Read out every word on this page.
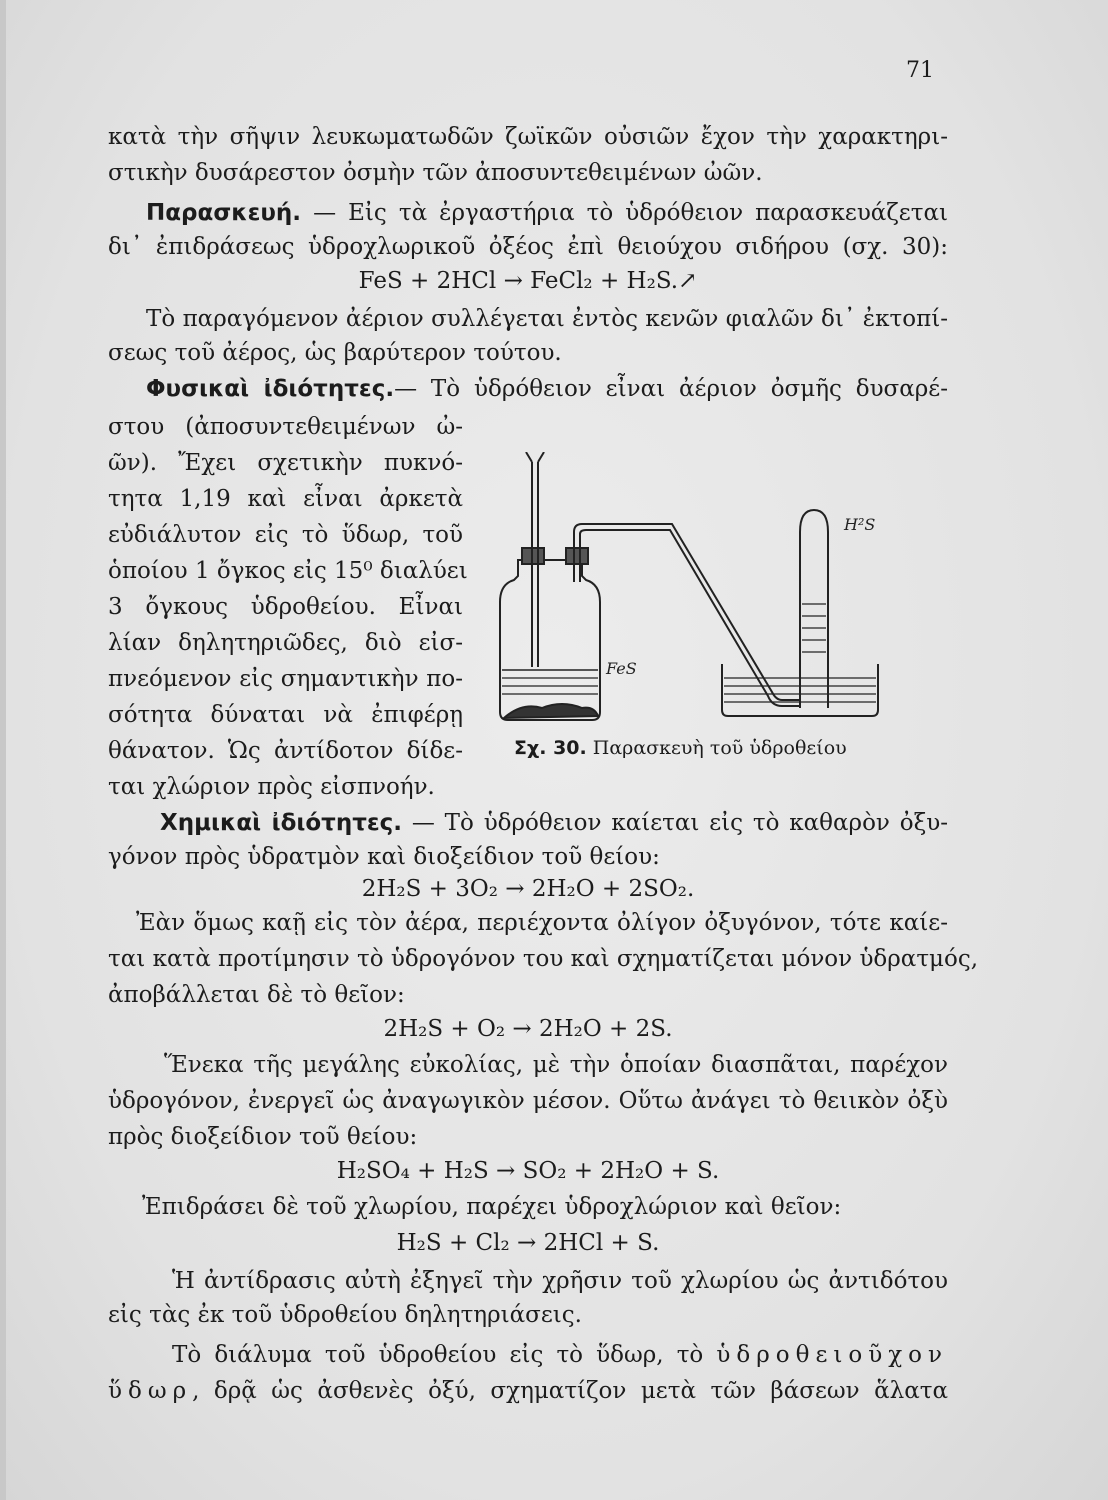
71
κατὰ τὴν σῆψιν λευκωματωδῶν ζωϊκῶν οὐσιῶν ἔχον τὴν χαρακτηρι-
στικὴν δυσάρεστον ὀσμὴν τῶν ἀποσυντεθειμένων ὠῶν.
Παρασκευή. — Εἰς τὰ ἐργαστήρια τὸ ὑδρόθειον παρασκευάζεται
δι᾽ ἐπιδράσεως ὑδροχλωρικοῦ ὀξέος ἐπὶ θειούχου σιδήρου (σχ. 30):
FeS + 2HCl → FeCl₂ + H₂S.↗
Τὸ παραγόμενον ἀέριον συλλέγεται ἐντὸς κενῶν φιαλῶν δι᾽ ἐκτοπί-
σεως τοῦ ἀέρος, ὡς βαρύτερον τούτου.
Φυσικαὶ ἰδιότητες.— Τὸ ὑδρόθειον εἶναι ἀέριον ὀσμῆς δυσαρέ-
στου (ἀποσυντεθειμένων ὠ-
ῶν). Ἔχει σχετικὴν πυκνό-
τητα 1,19 καὶ εἶναι ἀρκετὰ
εὐδιάλυτον εἰς τὸ ὕδωρ, τοῦ
ὁποίου 1 ὄγκος εἰς 15⁰ διαλύει
3 ὄγκους ὑδροθείου. Εἶναι
λίαν δηλητηριῶδες, διὸ εἰσ-
πνεόμενον εἰς σημαντικὴν πο-
σότητα δύναται νὰ ἐπιφέρῃ
θάνατον. Ὡς ἀντίδοτον δίδε-
ται χλώριον πρὸς εἰσπνοήν.
FeS
H²S
Σχ. 30. Παρασκευὴ τοῦ ὑδροθείου
Χημικαὶ ἰδιότητες. — Τὸ ὑδρόθειον καίεται εἰς τὸ καθαρὸν ὀξυ-
γόνον πρὸς ὑδρατμὸν καὶ διοξείδιον τοῦ θείου:
2H₂S + 3O₂ → 2H₂O + 2SO₂.
Ἐὰν ὅμως καῇ εἰς τὸν ἀέρα, περιέχοντα ὀλίγον ὀξυγόνον, τότε καίε-
ται κατὰ προτίμησιν τὸ ὑδρογόνον του καὶ σχηματίζεται μόνον ὑδρατμός,
ἀποβάλλεται δὲ τὸ θεῖον:
2H₂S + O₂ → 2H₂O + 2S.
Ἕνεκα τῆς μεγάλης εὐκολίας, μὲ τὴν ὁποίαν διασπᾶται, παρέχον
ὑδρογόνον, ἐνεργεῖ ὡς ἀναγωγικὸν μέσον. Οὕτω ἀνάγει τὸ θειικὸν ὀξὺ
πρὸς διοξείδιον τοῦ θείου:
H₂SO₄ + H₂S → SO₂ + 2H₂O + S.
Ἐπιδράσει δὲ τοῦ χλωρίου, παρέχει ὑδροχλώριον καὶ θεῖον:
H₂S + Cl₂ → 2HCl + S.
Ἡ ἀντίδρασις αὐτὴ ἐξηγεῖ τὴν χρῆσιν τοῦ χλωρίου ὡς ἀντιδότου
εἰς τὰς ἐκ τοῦ ὑδροθείου δηλητηριάσεις.
Τὸ διάλυμα τοῦ ὑδροθείου εἰς τὸ ὕδωρ, τὸ ὑδροθειοῦχον
ὕδωρ, δρᾷ ὡς ἀσθενὲς ὀξύ, σχηματίζον μετὰ τῶν βάσεων ἅλατα
